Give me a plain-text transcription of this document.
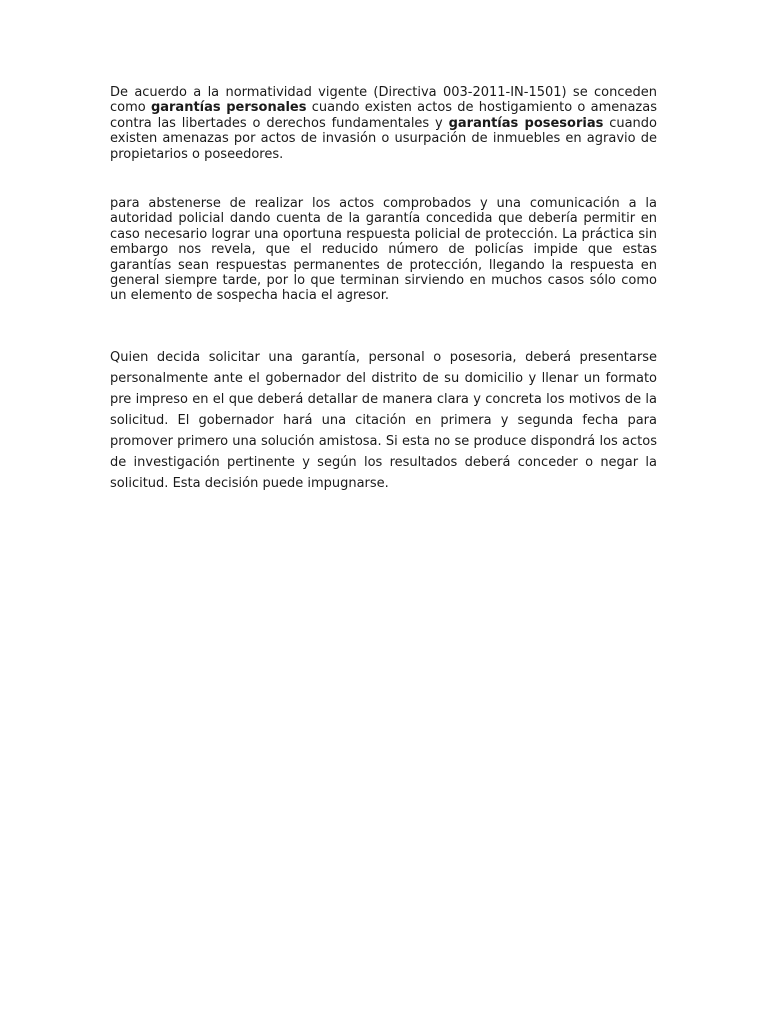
De acuerdo a la normatividad vigente (Directiva 003-2011-IN-1501) se conceden como garantías personales cuando existen actos de hostigamiento o amenazas contra las libertades o derechos fundamentales y garantías posesorias cuando existen amenazas por actos de invasión o usurpación de inmuebles en agravio de propietarios o poseedores.

para abstenerse de realizar los actos comprobados y una comunicación a la autoridad policial dando cuenta de la garantía concedida que debería permitir en caso necesario lograr una oportuna respuesta policial de protección. La práctica sin embargo nos revela, que el reducido número de policías impide que estas garantías sean respuestas permanentes de protección, llegando la respuesta en general siempre tarde, por lo que terminan sirviendo en muchos casos sólo como un elemento de sospecha hacia el agresor.

Quien decida solicitar una garantía, personal o posesoria, deberá presentarse personalmente ante el gobernador del distrito de su domicilio y llenar un formato pre impreso en el que deberá detallar de manera clara y concreta los motivos de la solicitud. El gobernador hará una citación en primera y segunda fecha para promover primero una solución amistosa. Si esta no se produce dispondrá los actos de investigación pertinente y según los resultados deberá conceder o negar la solicitud. Esta decisión puede impugnarse.
